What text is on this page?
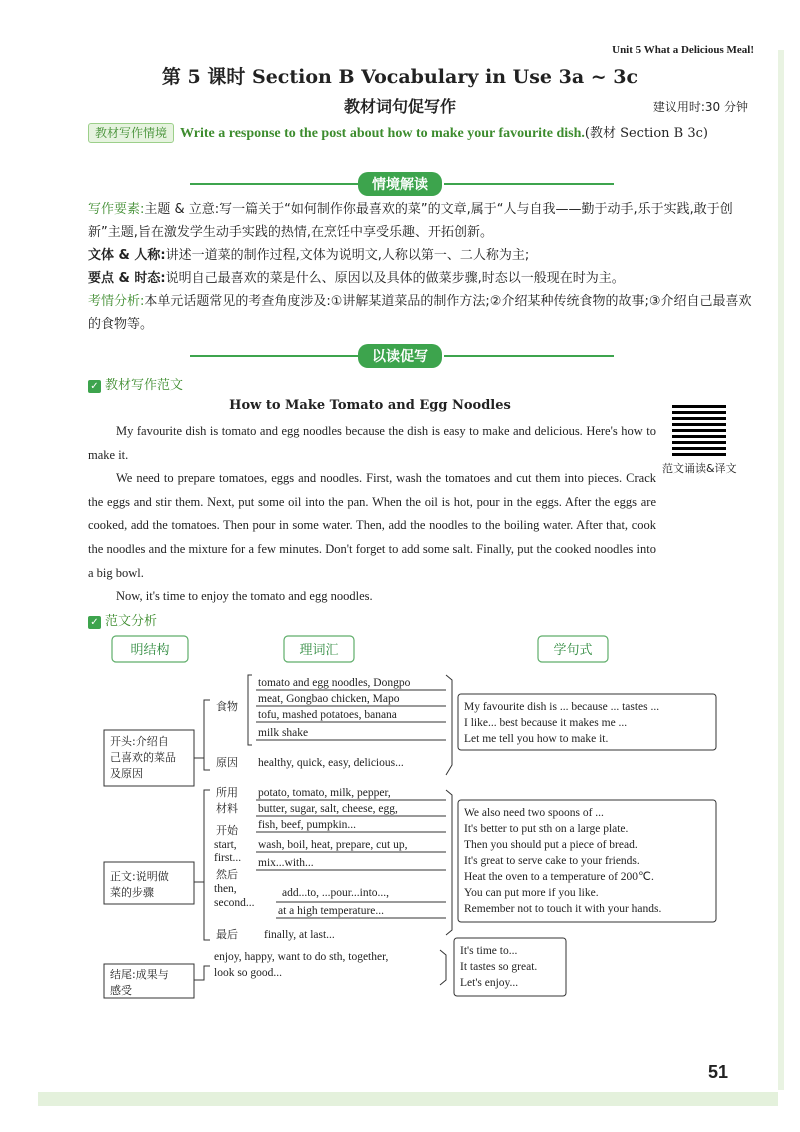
Unit 5 What a Delicious Meal!
第 5 课时 Section B Vocabulary in Use 3a ~ 3c
教材词句促写作	建议用时:30 分钟
教材写作情境 Write a response to the post about how to make your favourite dish.(教材 Section B 3c)
情境解读
写作要素:主题 & 立意:写一篇关于“如何制作你最喜欢的菜”的文章,属于“人与自我——勤于动手,乐于实践,敢于创新”主题,旨在激发学生动手实践的热情,在烹饪中享受乐趣、开拓创新。
文体 & 人称:讲述一道菜的制作过程,文体为说明文,人称以第一、二人称为主;
要点 & 时态:说明自己最喜欢的菜是什么、原因以及具体的做菜步骤,时态以一般现在时为主。
考情分析:本单元话题常见的考查角度涉及:①讲解某道菜品的制作方法;②介绍某种传统食物的故事;③介绍自己最喜欢的食物等。
以读促写
✓ 教材写作范文
How to Make Tomato and Egg Noodles

My favourite dish is tomato and egg noodles because the dish is easy to make and delicious. Here's how to make it.

We need to prepare tomatoes, eggs and noodles. First, wash the tomatoes and cut them into pieces. Crack the eggs and stir them. Next, put some oil into the pan. When the oil is hot, pour in the eggs. After the eggs are cooked, add the tomatoes. Then pour in some water. Then, add the noodles to the boiling water. After that, cook the noodles and the mixture for a few minutes. Don't forget to add some salt. Finally, put the cooked noodles into a big bowl.

Now, it's time to enjoy the tomato and egg noodles.

范文诵读&译文
✓ 范文分析
明结构	理词汇	学句式
开头:介绍自
己喜欢的菜品
及原因
正文:说明做
菜的步骤
结尾:成果与
感受
食物
tomato and egg noodles, Dongpo
meat, Gongbao chicken, Mapo
tofu, mashed potatoes, banana
milk shake
原因 healthy, quick, easy, delicious...
所用
材料
potato, tomato, milk, pepper,
butter, sugar, salt, cheese, egg,
fish, beef, pumpkin...
开始
start,
first...
wash, boil, heat, prepare, cut up,
mix...with...
然后
then,
second...
add...to, ...pour...into...,
at a high temperature...
最后 finally, at last...
enjoy, happy, want to do sth, together,
look so good...
My favourite dish is ... because ... tastes ...
I like... best because it makes me ...
Let me tell you how to make it.
We also need two spoons of ...
It's better to put sth on a large plate.
Then you should put a piece of bread.
It's great to serve cake to your friends.
Heat the oven to a temperature of 200℃.
You can put more if you like.
Remember not to touch it with your hands.
It's time to...
It tastes so great.
Let's enjoy...
51
